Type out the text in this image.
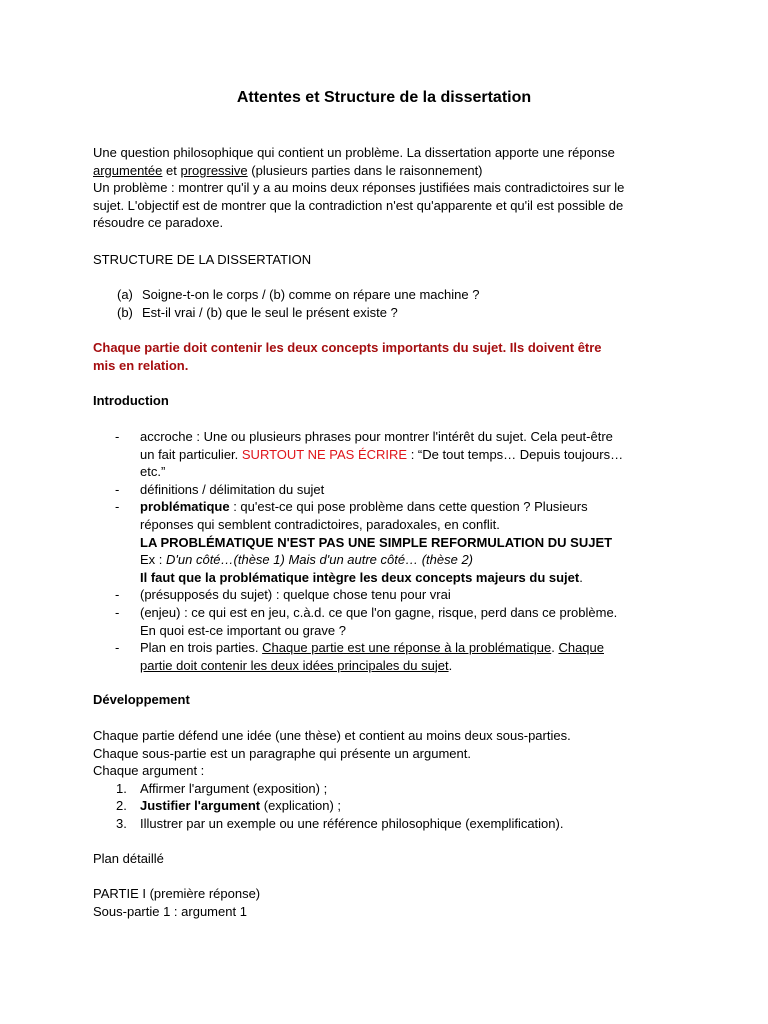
Attentes et Structure de la dissertation
Une question philosophique qui contient un problème. La dissertation apporte une réponse
argumentée et progressive (plusieurs parties dans le raisonnement)
Un problème : montrer qu'il y a au moins deux réponses justifiées mais contradictoires sur le
sujet. L'objectif est de montrer que la contradiction n'est qu'apparente et qu'il est possible de
résoudre ce paradoxe.
STRUCTURE DE LA DISSERTATION
(a) Soigne-t-on le corps / (b) comme on répare une machine ?
(b) Est-il vrai / (b) que le seul le présent existe ?
Chaque partie doit contenir les deux concepts importants du sujet. Ils doivent être
mis en relation.
Introduction
- accroche : Une ou plusieurs phrases pour montrer l'intérêt du sujet. Cela peut-être
un fait particulier. SURTOUT NE PAS ÉCRIRE : “De tout temps… Depuis toujours…
etc.”
- définitions / délimitation du sujet
- problématique : qu'est-ce qui pose problème dans cette question ? Plusieurs
réponses qui semblent contradictoires, paradoxales, en conflit.
LA PROBLÉMATIQUE N'EST PAS UNE SIMPLE REFORMULATION DU SUJET
Ex : D'un côté…(thèse 1) Mais d'un autre côté… (thèse 2)
Il faut que la problématique intègre les deux concepts majeurs du sujet.
- (présupposés du sujet) : quelque chose tenu pour vrai
- (enjeu) : ce qui est en jeu, c.à.d. ce que l'on gagne, risque, perd dans ce problème.
En quoi est-ce important ou grave ?
- Plan en trois parties. Chaque partie est une réponse à la problématique. Chaque
partie doit contenir les deux idées principales du sujet.
Développement
Chaque partie défend une idée (une thèse) et contient au moins deux sous-parties.
Chaque sous-partie est un paragraphe qui présente un argument.
Chaque argument :
1. Affirmer l'argument (exposition) ;
2. Justifier l'argument (explication) ;
3. Illustrer par un exemple ou une référence philosophique (exemplification).
Plan détaillé
PARTIE I (première réponse)
Sous-partie 1 : argument 1
